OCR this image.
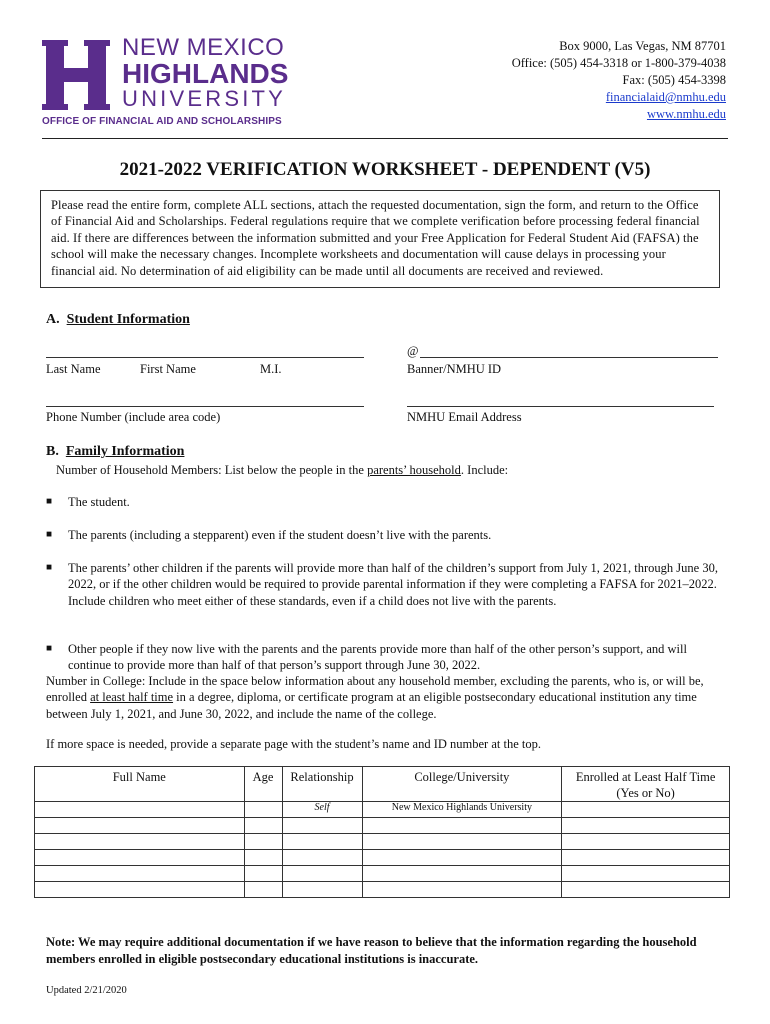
NEW MEXICO
HIGHLANDS
UNIVERSITY
OFFICE OF FINANCIAL AID AND SCHOLARSHIPS
Box 9000, Las Vegas, NM 87701
Office: (505) 454-3318 or 1-800-379-4038
Fax: (505) 454-3398
financialaid@nmhu.edu
www.nmhu.edu
2021-2022 VERIFICATION WORKSHEET - DEPENDENT (V5)
Please read the entire form, complete ALL sections, attach the requested documentation, sign the form, and return to the Office of Financial Aid and Scholarships. Federal regulations require that we complete verification before processing federal financial aid. If there are differences between the information submitted and your Free Application for Federal Student Aid (FAFSA) the school will make the necessary changes. Incomplete worksheets and documentation will cause delays in processing your financial aid. No determination of aid eligibility can be made until all documents are received and reviewed.
A. Student Information
Last Name	First Name	M.I.
@
Banner/NMHU ID
Phone Number (include area code)	NMHU Email Address
B. Family Information
Number of Household Members: List below the people in the parents’ household. Include:
■ The student.
■ The parents (including a stepparent) even if the student doesn’t live with the parents.
■ The parents’ other children if the parents will provide more than half of the children’s support from July 1, 2021, through June 30, 2022, or if the other children would be required to provide parental information if they were completing a FAFSA for 2021–2022. Include children who meet either of these standards, even if a child does not live with the parents.
■ Other people if they now live with the parents and the parents provide more than half of the other person’s support, and will continue to provide more than half of that person’s support through June 30, 2022.
Number in College: Include in the space below information about any household member, excluding the parents, who is, or will be, enrolled at least half time in a degree, diploma, or certificate program at an eligible postsecondary educational institution any time between July 1, 2021, and June 30, 2022, and include the name of the college.
If more space is needed, provide a separate page with the student’s name and ID number at the top.
Full Name	Age	Relationship	College/University	Enrolled at Least Half Time (Yes or No)
		Self	New Mexico Highlands University	

Note: We may require additional documentation if we have reason to believe that the information regarding the household members enrolled in eligible postsecondary educational institutions is inaccurate.
Updated 2/21/2020
